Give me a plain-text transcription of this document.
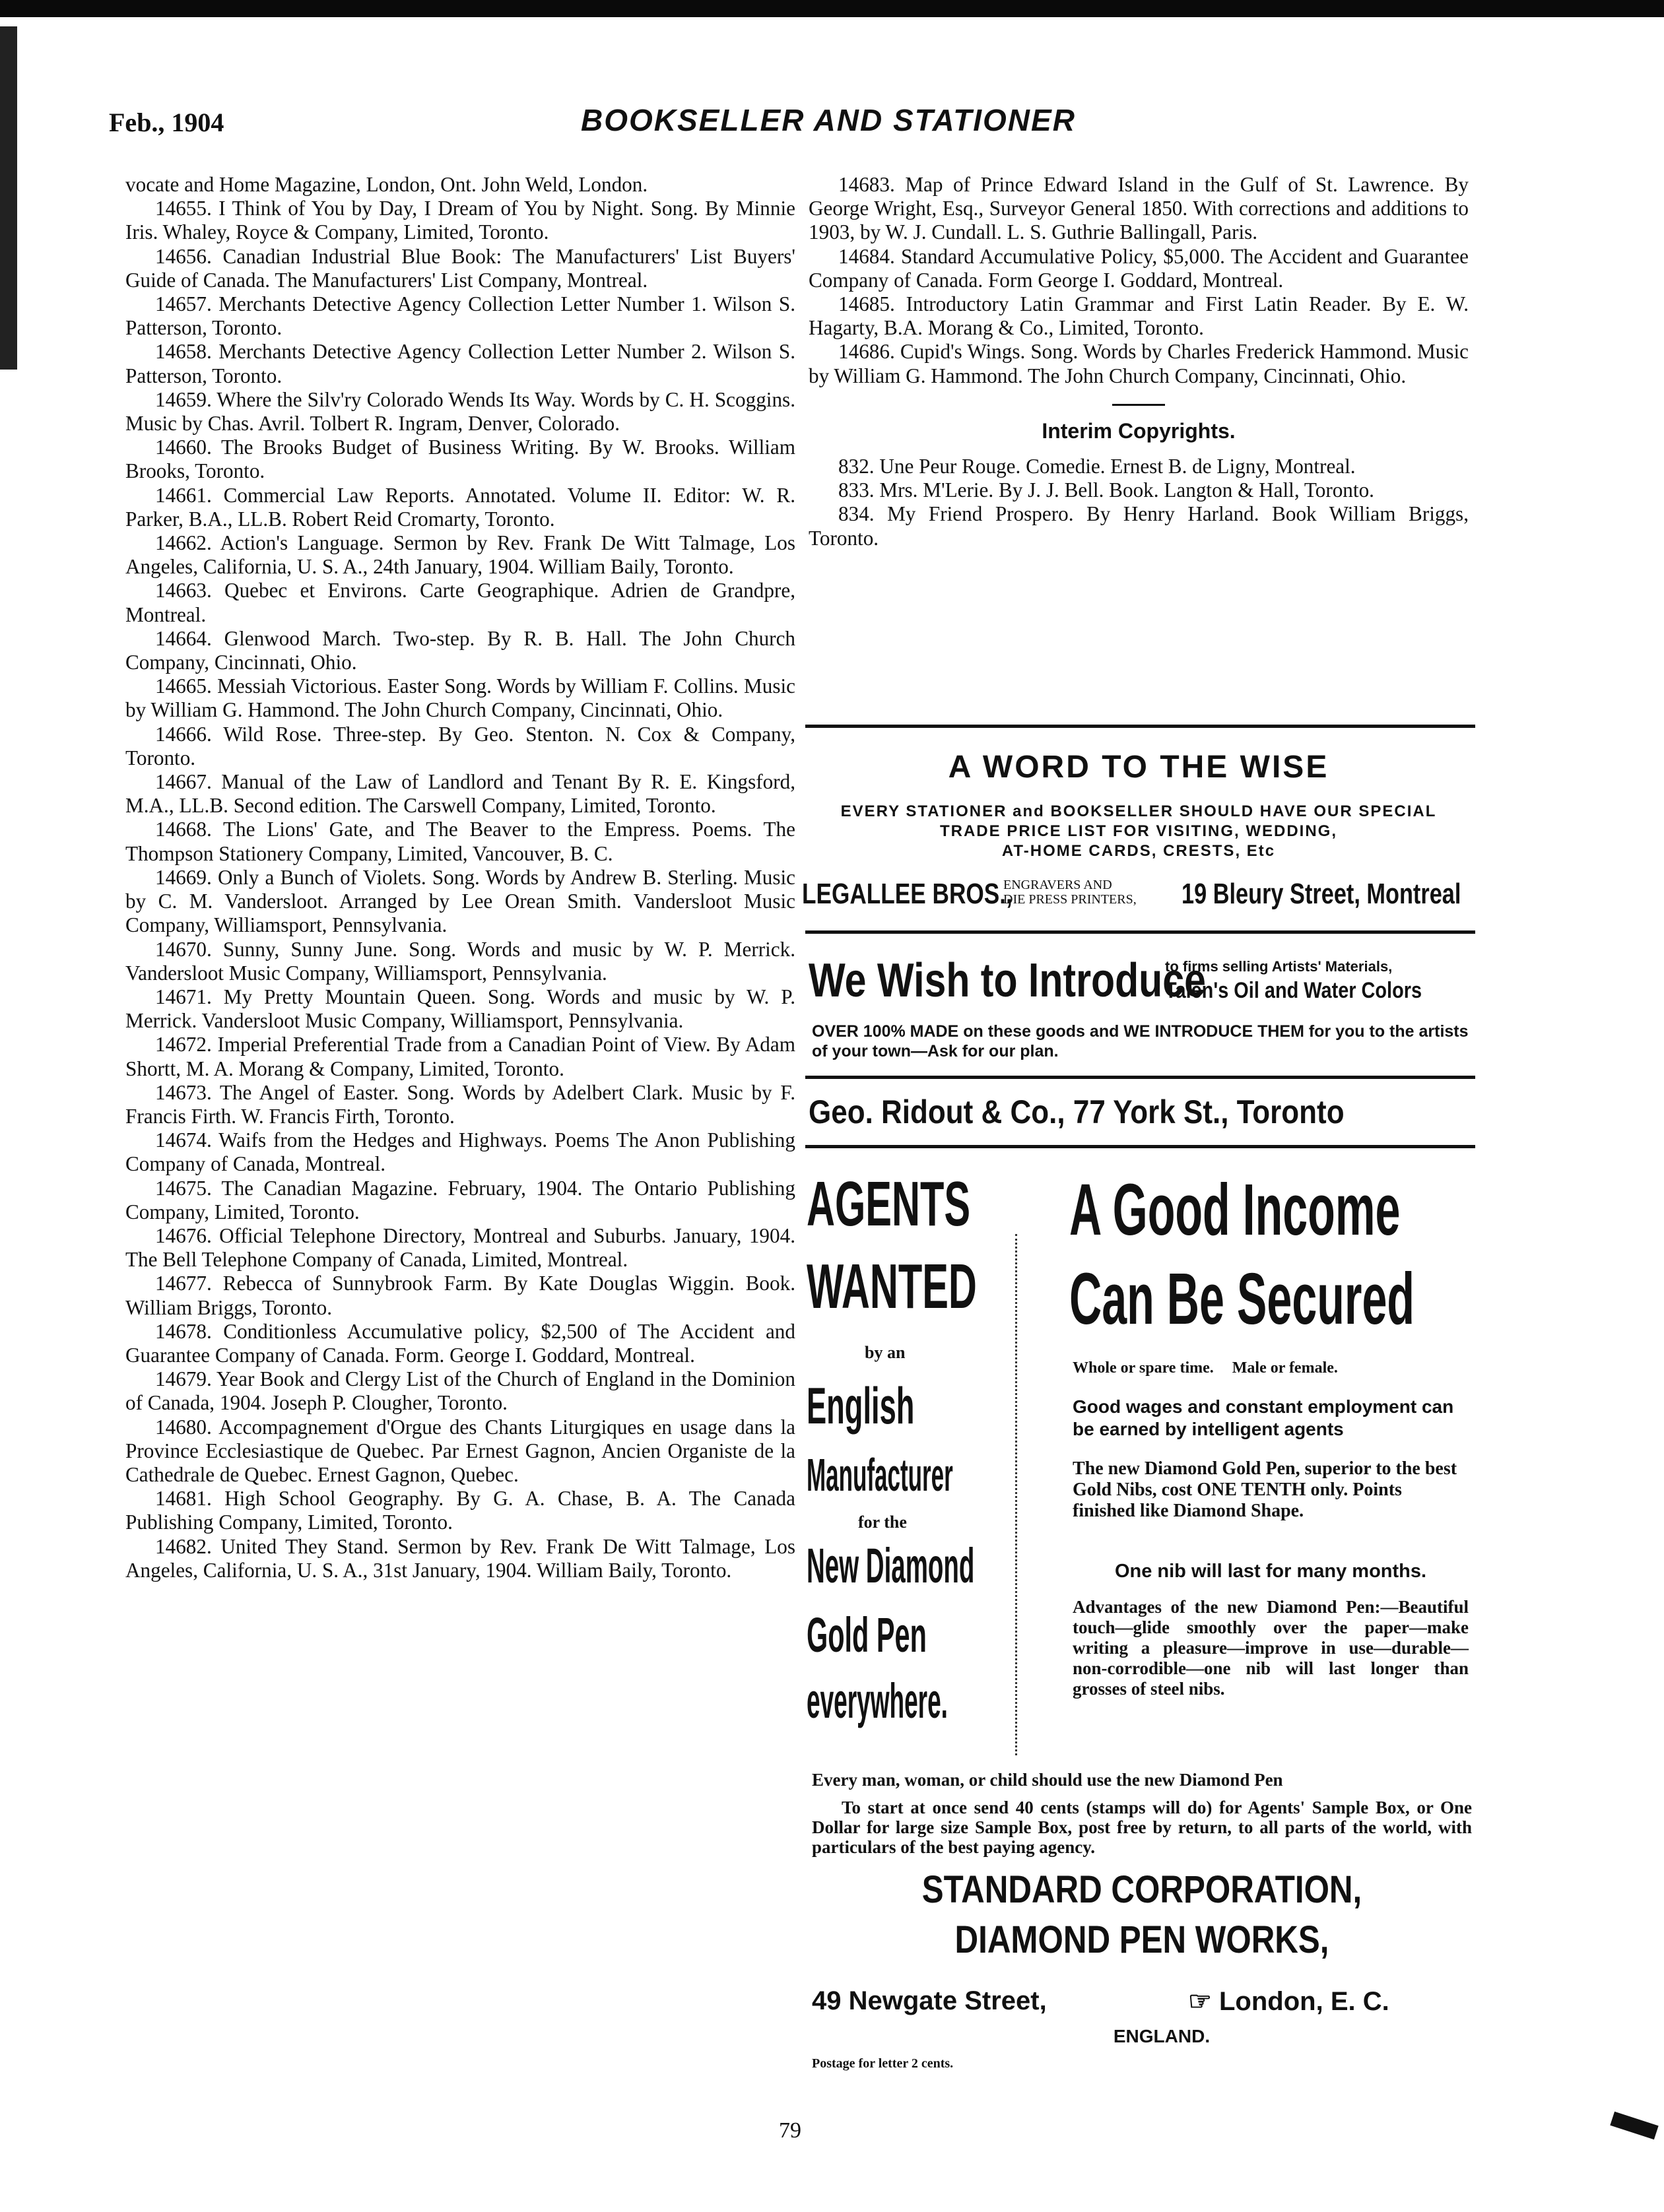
Feb., 1904	BOOKSELLER AND STATIONER

vocate and Home Magazine, London, Ont. John Weld, London.

14655. I Think of You by Day, I Dream of You by Night. Song. By Minnie Iris. Whaley, Royce & Company, Limited, Toronto.

14656. Canadian Industrial Blue Book: The Manufacturers' List Buyers' Guide of Canada. The Manufacturers' List Company, Montreal.

14657. Merchants Detective Agency Collection Letter Number 1. Wilson S. Patterson, Toronto.

14658. Merchants Detective Agency Collection Letter Number 2. Wilson S. Patterson, Toronto.

14659. Where the Silv'ry Colorado Wends Its Way. Words by C. H. Scoggins. Music by Chas. Avril. Tolbert R. Ingram, Denver, Colorado.

14660. The Brooks Budget of Business Writing. By W. Brooks. William Brooks, Toronto.

14661. Commercial Law Reports. Annotated. Volume II. Editor: W. R. Parker, B.A., LL.B. Robert Reid Cromarty, Toronto.

14662. Action's Language. Sermon by Rev. Frank De Witt Talmage, Los Angeles, California, U. S. A., 24th January, 1904. William Baily, Toronto.

14663. Quebec et Environs. Carte Geographique. Adrien de Grandpre, Montreal.

14664. Glenwood March. Two-step. By R. B. Hall. The John Church Company, Cincinnati, Ohio.

14665. Messiah Victorious. Easter Song. Words by William F. Collins. Music by William G. Hammond. The John Church Company, Cincinnati, Ohio.

14666. Wild Rose. Three-step. By Geo. Stenton. N. Cox & Company, Toronto.

14667. Manual of the Law of Landlord and Tenant By R. E. Kingsford, M.A., LL.B. Second edition. The Carswell Company, Limited, Toronto.

14668. The Lions' Gate, and The Beaver to the Empress. Poems. The Thompson Stationery Company, Limited, Vancouver, B. C.

14669. Only a Bunch of Violets. Song. Words by Andrew B. Sterling. Music by C. M. Vandersloot. Arranged by Lee Orean Smith. Vandersloot Music Company, Williamsport, Pennsylvania.

14670. Sunny, Sunny June. Song. Words and music by W. P. Merrick. Vandersloot Music Company, Williamsport, Pennsylvania.

14671. My Pretty Mountain Queen. Song. Words and music by W. P. Merrick. Vandersloot Music Company, Williamsport, Pennsylvania.

14672. Imperial Preferential Trade from a Canadian Point of View. By Adam Shortt, M. A. Morang & Company, Limited, Toronto.

14673. The Angel of Easter. Song. Words by Adelbert Clark. Music by F. Francis Firth. W. Francis Firth, Toronto.

14674. Waifs from the Hedges and Highways. Poems The Anon Publishing Company of Canada, Montreal.

14675. The Canadian Magazine. February, 1904. The Ontario Publishing Company, Limited, Toronto.

14676. Official Telephone Directory, Montreal and Suburbs. January, 1904. The Bell Telephone Company of Canada, Limited, Montreal.

14677. Rebecca of Sunnybrook Farm. By Kate Douglas Wiggin. Book. William Briggs, Toronto.

14678. Conditionless Accumulative policy, $2,500 of The Accident and Guarantee Company of Canada. Form. George I. Goddard, Montreal.

14679. Year Book and Clergy List of the Church of England in the Dominion of Canada, 1904. Joseph P. Clougher, Toronto.

14680. Accompagnement d'Orgue des Chants Liturgiques en usage dans la Province Ecclesiastique de Quebec. Par Ernest Gagnon, Ancien Organiste de la Cathedrale de Quebec. Ernest Gagnon, Quebec.

14681. High School Geography. By G. A. Chase, B. A. The Canada Publishing Company, Limited, Toronto.

14682. United They Stand. Sermon by Rev. Frank De Witt Talmage, Los Angeles, California, U. S. A., 31st January, 1904. William Baily, Toronto.

14683. Map of Prince Edward Island in the Gulf of St. Lawrence. By George Wright, Esq., Surveyor General 1850. With corrections and additions to 1903, by W. J. Cundall. L. S. Guthrie Ballingall, Paris.

14684. Standard Accumulative Policy, $5,000. The Accident and Guarantee Company of Canada. Form George I. Goddard, Montreal.

14685. Introductory Latin Grammar and First Latin Reader. By E. W. Hagarty, B.A. Morang & Co., Limited, Toronto.

14686. Cupid's Wings. Song. Words by Charles Frederick Hammond. Music by William G. Hammond. The John Church Company, Cincinnati, Ohio.

Interim Copyrights.

832. Une Peur Rouge. Comedie. Ernest B. de Ligny, Montreal.

833. Mrs. M'Lerie. By J. J. Bell. Book. Langton & Hall, Toronto.

834. My Friend Prospero. By Henry Harland. Book William Briggs, Toronto.

A WORD TO THE WISE
EVERY STATIONER and BOOKSELLER SHOULD HAVE OUR SPECIAL
TRADE PRICE LIST FOR VISITING, WEDDING,
AT-HOME CARDS, CRESTS, Etc
LEGALLEE BROS.,
ENGRAVERS AND
DIE PRESS PRINTERS, 19 Bleury Street, Montreal
We Wish to Introduce
to firms selling Artists' Materials,
Talen's Oil and Water Colors
OVER 100% MADE on these goods and WE INTRODUCE THEM for you to the artists of your town—Ask for our plan.
Geo. Ridout & Co., 77 York St., Toronto
AGENTS
WANTED
by an
English
Manufacturer
for the
New Diamond
Gold Pen
everywhere.
A Good Income
Can Be Secured
Whole or spare time. Male or female.
Good wages and constant employment can be earned by intelligent agents
The new Diamond Gold Pen, superior to the best Gold Nibs, cost ONE TENTH only. Points finished like Diamond Shape.
One nib will last for many months.
Advantages of the new Diamond Pen:—Beautiful touch—glide smoothly over the paper—make writing a pleasure—improve in use—durable—non-corrodible—one nib will last longer than grosses of steel nibs.
Every man, woman, or child should use the new Diamond Pen
To start at once send 40 cents (stamps will do) for Agents' Sample Box, or One Dollar for large size Sample Box, post free by return, to all parts of the world, with particulars of the best paying agency.
STANDARD CORPORATION,
DIAMOND PEN WORKS,
49 Newgate Street,	☞ London, E. C.
ENGLAND.
Postage for letter 2 cents.
79
